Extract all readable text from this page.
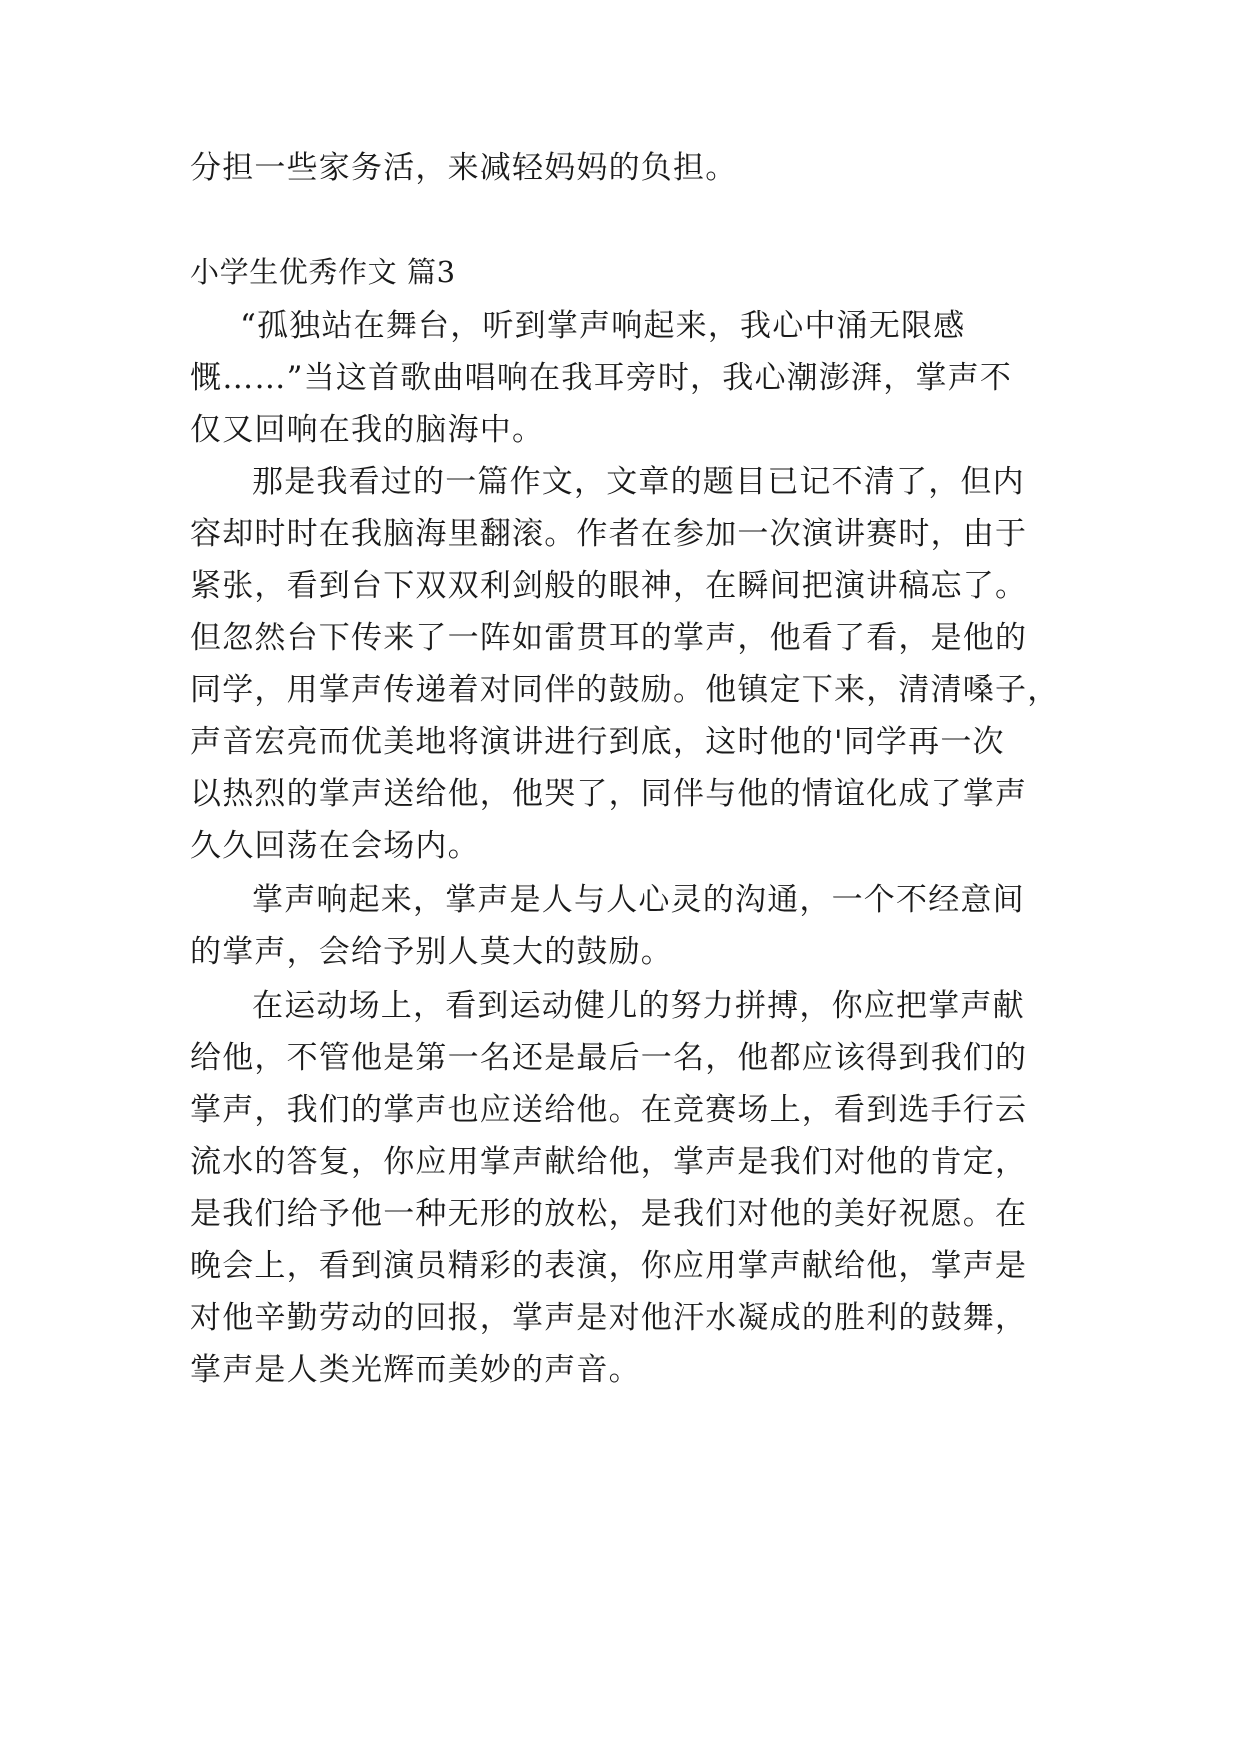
分担一些家务活，来减轻妈妈的负担。
小学生优秀作文 篇3
“孤独站在舞台，听到掌声响起来，我心中涌无限感
慨……”当这首歌曲唱响在我耳旁时，我心潮澎湃，掌声不
仅又回响在我的脑海中。
那是我看过的一篇作文，文章的题目已记不清了，但内
容却时时在我脑海里翻滚。作者在参加一次演讲赛时，由于
紧张，看到台下双双利剑般的眼神，在瞬间把演讲稿忘了。
但忽然台下传来了一阵如雷贯耳的掌声，他看了看，是他的
同学，用掌声传递着对同伴的鼓励。他镇定下来，清清嗓子，
声音宏亮而优美地将演讲进行到底，这时他的'同学再一次
以热烈的掌声送给他，他哭了，同伴与他的情谊化成了掌声
久久回荡在会场内。
掌声响起来，掌声是人与人心灵的沟通，一个不经意间
的掌声，会给予别人莫大的鼓励。
在运动场上，看到运动健儿的努力拼搏，你应把掌声献
给他，不管他是第一名还是最后一名，他都应该得到我们的
掌声，我们的掌声也应送给他。在竞赛场上，看到选手行云
流水的答复，你应用掌声献给他，掌声是我们对他的肯定，
是我们给予他一种无形的放松，是我们对他的美好祝愿。在
晚会上，看到演员精彩的表演，你应用掌声献给他，掌声是
对他辛勤劳动的回报，掌声是对他汗水凝成的胜利的鼓舞，
掌声是人类光辉而美妙的声音。
